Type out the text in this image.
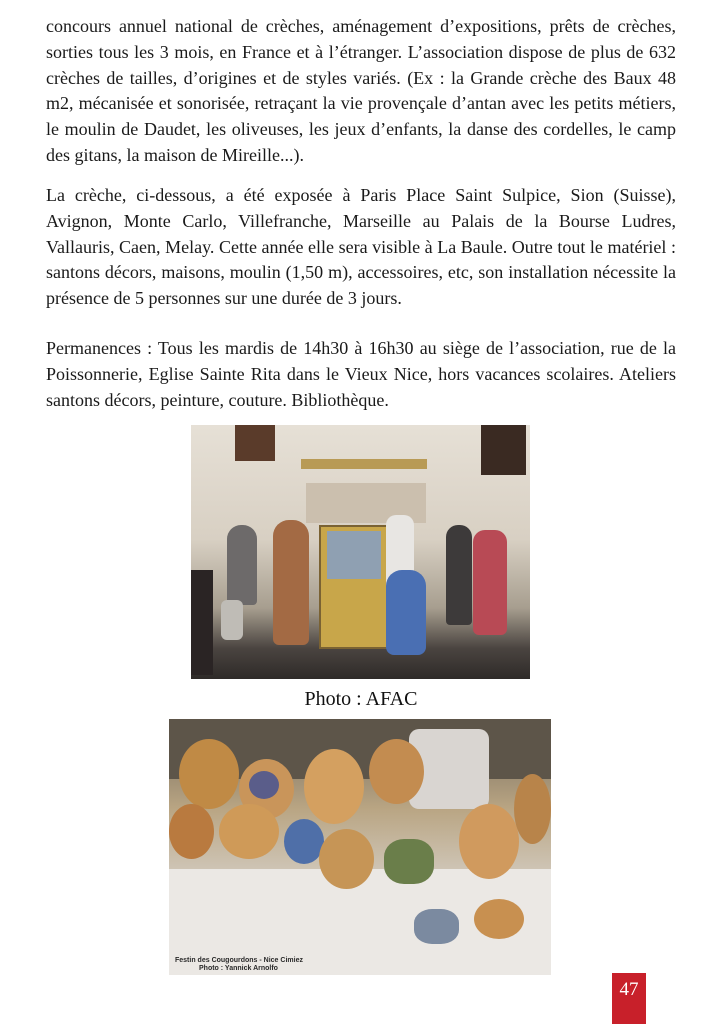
concours annuel national de crèches, aménagement d’expositions, prêts de crèches, sorties tous les 3 mois, en France et à l’étranger. L’association dispose de plus de 632 crèches de tailles, d’origines et de styles variés. (Ex : la Grande crèche des Baux 48 m2, mécanisée et sonorisée, retraçant la vie provençale d’antan avec les petits métiers, le moulin de Daudet, les oliveuses, les jeux d’enfants, la danse des cordelles, le camp des gitans, la maison de Mireille...).

La crèche, ci-dessous, a été exposée à Paris Place Saint Sulpice, Sion (Suisse), Avignon, Monte Carlo, Villefranche, Marseille au Palais de la Bourse Ludres, Vallauris, Caen, Melay. Cette année elle sera visible à La Baule. Outre tout le matériel : santons décors, maisons, moulin (1,50 m), accessoires, etc, son installation nécessite la présence de 5 personnes sur une durée de 3 jours.

Permanences : Tous les mardis de 14h30 à 16h30 au siège de l’association, rue de la Poissonnerie, Eglise Sainte Rita dans le Vieux Nice, hors vacances scolaires. Ateliers santons décors, peinture, couture. Bibliothèque.

Photo : AFAC
Festin des Cougourdons - Nice Cimiez
Photo : Yannick Arnolfo
47
